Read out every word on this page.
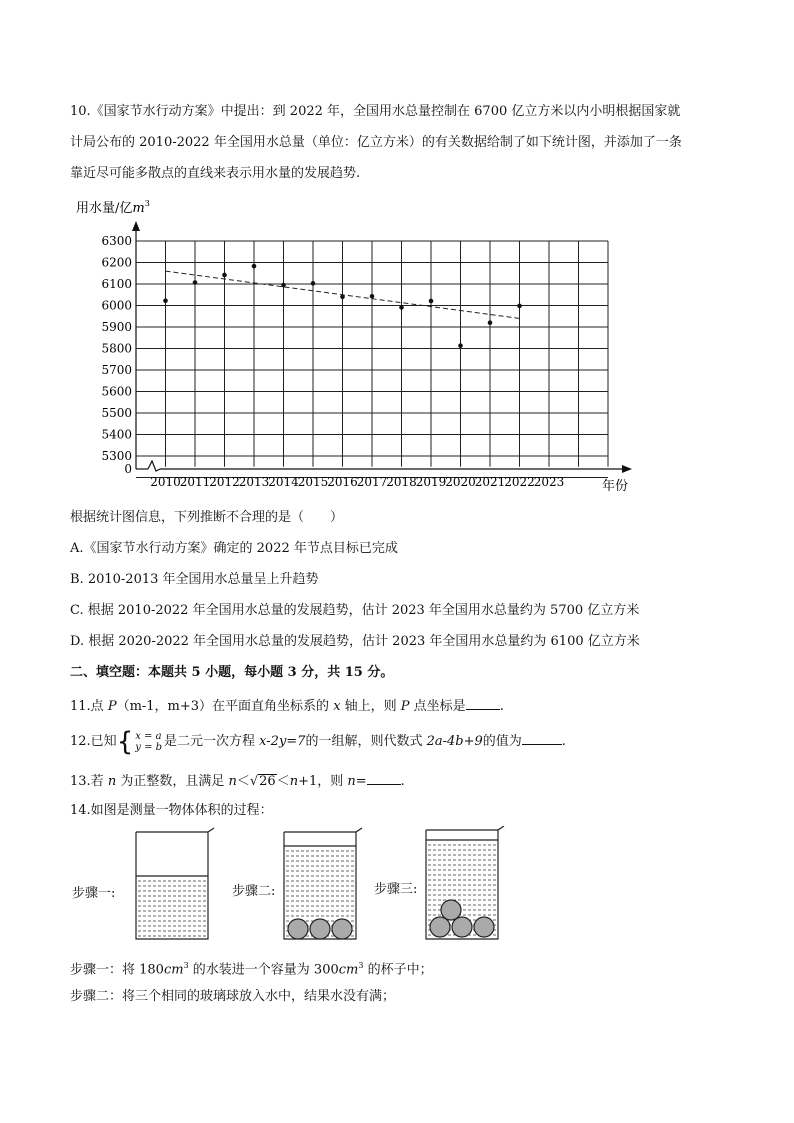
10.《国家节水行动方案》中提出：到 2022 年，全国用水总量控制在 6700 亿立方米以内小明根据国家就
计局公布的 2010-2022 年全国用水总量（单位：亿立方米）的有关数据给制了如下统计图，并添加了一条
靠近尽可能多散点的直线来表示用水量的发展趋势.
0
5300
5400
5500
5600
5700
5800
5900
6000
6100
6200
6300
2010
2011
2012
2013
2014
2015
2016
2017
2018
2019
2020
2021
2022
2023
用水量/亿$m^3$
年份
根据统计图信息，下列推断不合理的是（　　）
A.《国家节水行动方案》确定的 2022 年节点目标已完成
B. 2010-2013 年全国用水总量呈上升趋势
C. 根据 2010-2022 年全国用水总量的发展趋势，估计 2023 年全国用水总量约为 5700 亿立方米
D. 根据 2020-2022 年全国用水总量的发展趋势，估计 2023 年全国用水总量约为 6100 亿立方米
二、填空题：本题共 5 小题，每小题 3 分，共 15 分。
11.点 P（m-1，m+3）在平面直角坐标系的 x 轴上，则 P 点坐标是	.
12.已知{ x = a
y = b 是二元一次方程 x-2y=7的一组解，则代数式 2a-4b+9的值为	.
13.若 n 为正整数，且满足 n＜√26＜n+1，则 n=	.
14.如图是测量一物体体积的过程：
步骤一:	步骤二:	步骤三:
步骤一：将 $180cm^3$ 的水装进一个容量为 $300cm^3$ 的杯子中；
步骤二：将三个相同的玻璃球放入水中，结果水没有满；
